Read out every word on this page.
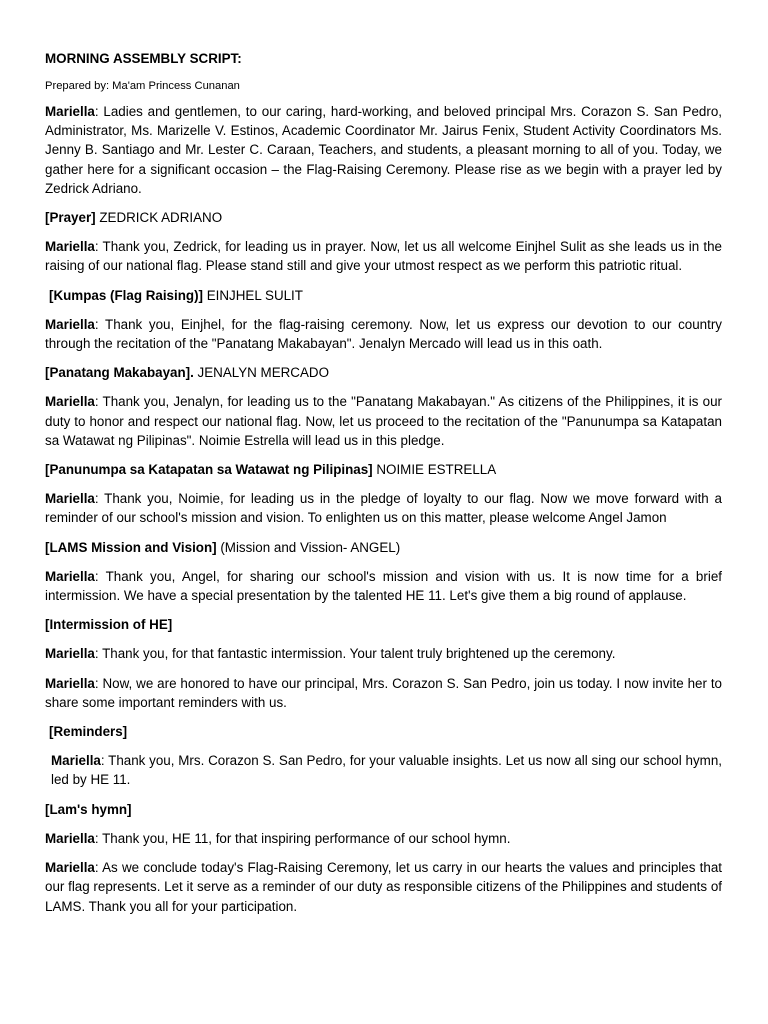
MORNING ASSEMBLY SCRIPT:
Prepared by: Ma'am Princess Cunanan

Mariella: Ladies and gentlemen, to our caring, hard-working, and beloved principal Mrs. Corazon S. San Pedro, Administrator, Ms. Marizelle V. Estinos, Academic Coordinator Mr. Jairus Fenix, Student Activity Coordinators Ms. Jenny B. Santiago and Mr. Lester C. Caraan, Teachers, and students, a pleasant morning to all of you. Today, we gather here for a significant occasion – the Flag-Raising Ceremony. Please rise as we begin with a prayer led by Zedrick Adriano.

[Prayer] ZEDRICK ADRIANO

Mariella: Thank you, Zedrick, for leading us in prayer. Now, let us all welcome Einjhel Sulit as she leads us in the raising of our national flag. Please stand still and give your utmost respect as we perform this patriotic ritual.

[Kumpas (Flag Raising)] EINJHEL SULIT

Mariella: Thank you, Einjhel, for the flag-raising ceremony. Now, let us express our devotion to our country through the recitation of the "Panatang Makabayan". Jenalyn Mercado will lead us in this oath.

[Panatang Makabayan]. JENALYN MERCADO

Mariella: Thank you, Jenalyn, for leading us to the "Panatang Makabayan." As citizens of the Philippines, it is our duty to honor and respect our national flag. Now, let us proceed to the recitation of the "Panunumpa sa Katapatan sa Watawat ng Pilipinas". Noimie Estrella will lead us in this pledge.

[Panunumpa sa Katapatan sa Watawat ng Pilipinas] NOIMIE ESTRELLA

Mariella: Thank you, Noimie, for leading us in the pledge of loyalty to our flag. Now we move forward with a reminder of our school's mission and vision. To enlighten us on this matter, please welcome Angel Jamon

[LAMS Mission and Vision] (Mission and Vission- ANGEL)

Mariella: Thank you, Angel, for sharing our school's mission and vision with us. It is now time for a brief intermission. We have a special presentation by the talented HE 11. Let's give them a big round of applause.

[Intermission of HE]

Mariella: Thank you, for that fantastic intermission. Your talent truly brightened up the ceremony.

Mariella: Now, we are honored to have our principal, Mrs. Corazon S. San Pedro, join us today. I now invite her to share some important reminders with us.

[Reminders]

Mariella: Thank you, Mrs. Corazon S. San Pedro, for your valuable insights. Let us now all sing our school hymn, led by HE 11.

[Lam's hymn]

Mariella: Thank you, HE 11, for that inspiring performance of our school hymn.

Mariella: As we conclude today's Flag-Raising Ceremony, let us carry in our hearts the values and principles that our flag represents. Let it serve as a reminder of our duty as responsible citizens of the Philippines and students of LAMS. Thank you all for your participation.
